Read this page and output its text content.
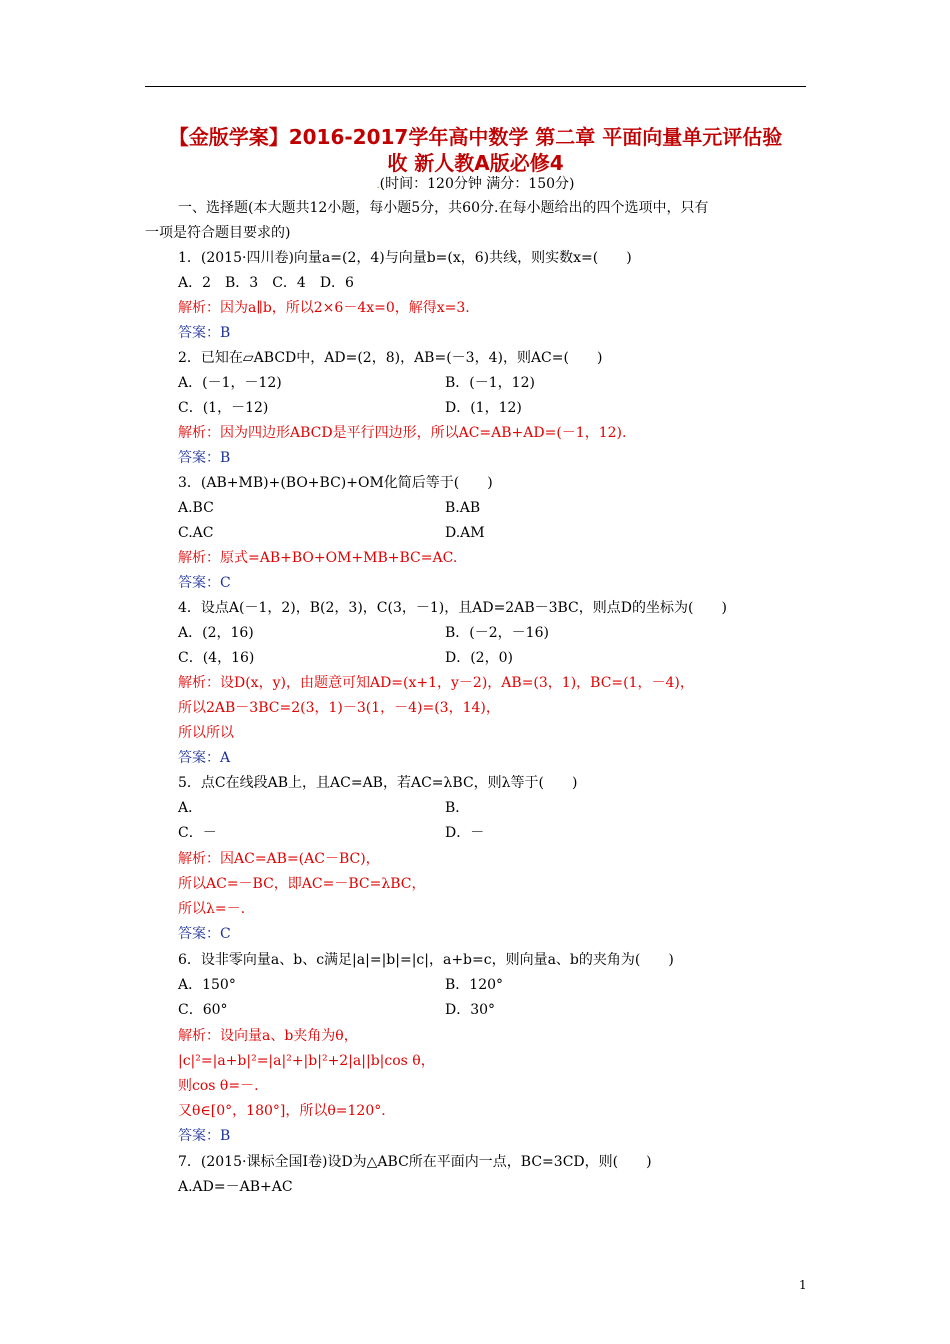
【金版学案】2016-2017学年高中数学 第二章 平面向量单元评估验
收 新人教A版必修4
.(时间：120分钟 满分：150分)
一、选择题(本大题共12小题，每小题5分，共60分.在每小题给出的四个选项中，只有
一项是符合题目要求的)
1．(2015·四川卷)向量a=(2，4)与向量b=(x，6)共线，则实数x=(　　)
A．2　B．3　C．4　D．6
解析：因为a∥b，所以2×6－4x=0，解得x=3.
答案：B
2．已知在▱ABCD中，AD=(2，8)，AB=(－3，4)，则AC=(　　)
A．(－1，－12)	B．(－1，12)
C．(1，－12)	D．(1，12)
解析：因为四边形ABCD是平行四边形，所以AC=AB+AD=(－1，12).
答案：B
3．(AB+MB)+(BO+BC)+OM化简后等于(　　)
A.BC	B.AB
C.AC	D.AM
解析：原式=AB+BO+OM+MB+BC=AC.
答案：C
4．设点A(－1，2)，B(2，3)，C(3，－1)，且AD=2AB－3BC，则点D的坐标为(　　)
A．(2，16)	B．(－2，－16)
C．(4，16)	D．(2，0)
解析：设D(x，y)，由题意可知AD=(x+1，y－2)，AB=(3，1)，BC=(1，－4)，
所以2AB－3BC=2(3，1)－3(1，－4)=(3，14)，
所以所以
答案：A
5．点C在线段AB上，且AC=AB，若AC=λBC，则λ等于(　　)
A．	B．
C．－	D．－
解析：因AC=AB=(AC－BC)，
所以AC=－BC，即AC=－BC=λBC，
所以λ=－.
答案：C
6．设非零向量a、b、c满足|a|=|b|=|c|，a+b=c，则向量a、b的夹角为(　　)
A．150°	B．120°
C．60°	D．30°
解析：设向量a、b夹角为θ，
|c|²=|a+b|²=|a|²+|b|²+2|a||b|cos θ，
则cos θ=－.
又θ∈[0°，180°]，所以θ=120°.
答案：B
7．(2015·课标全国Ⅰ卷)设D为△ABC所在平面内一点，BC=3CD，则(　　)
A.AD=－AB+AC
1
